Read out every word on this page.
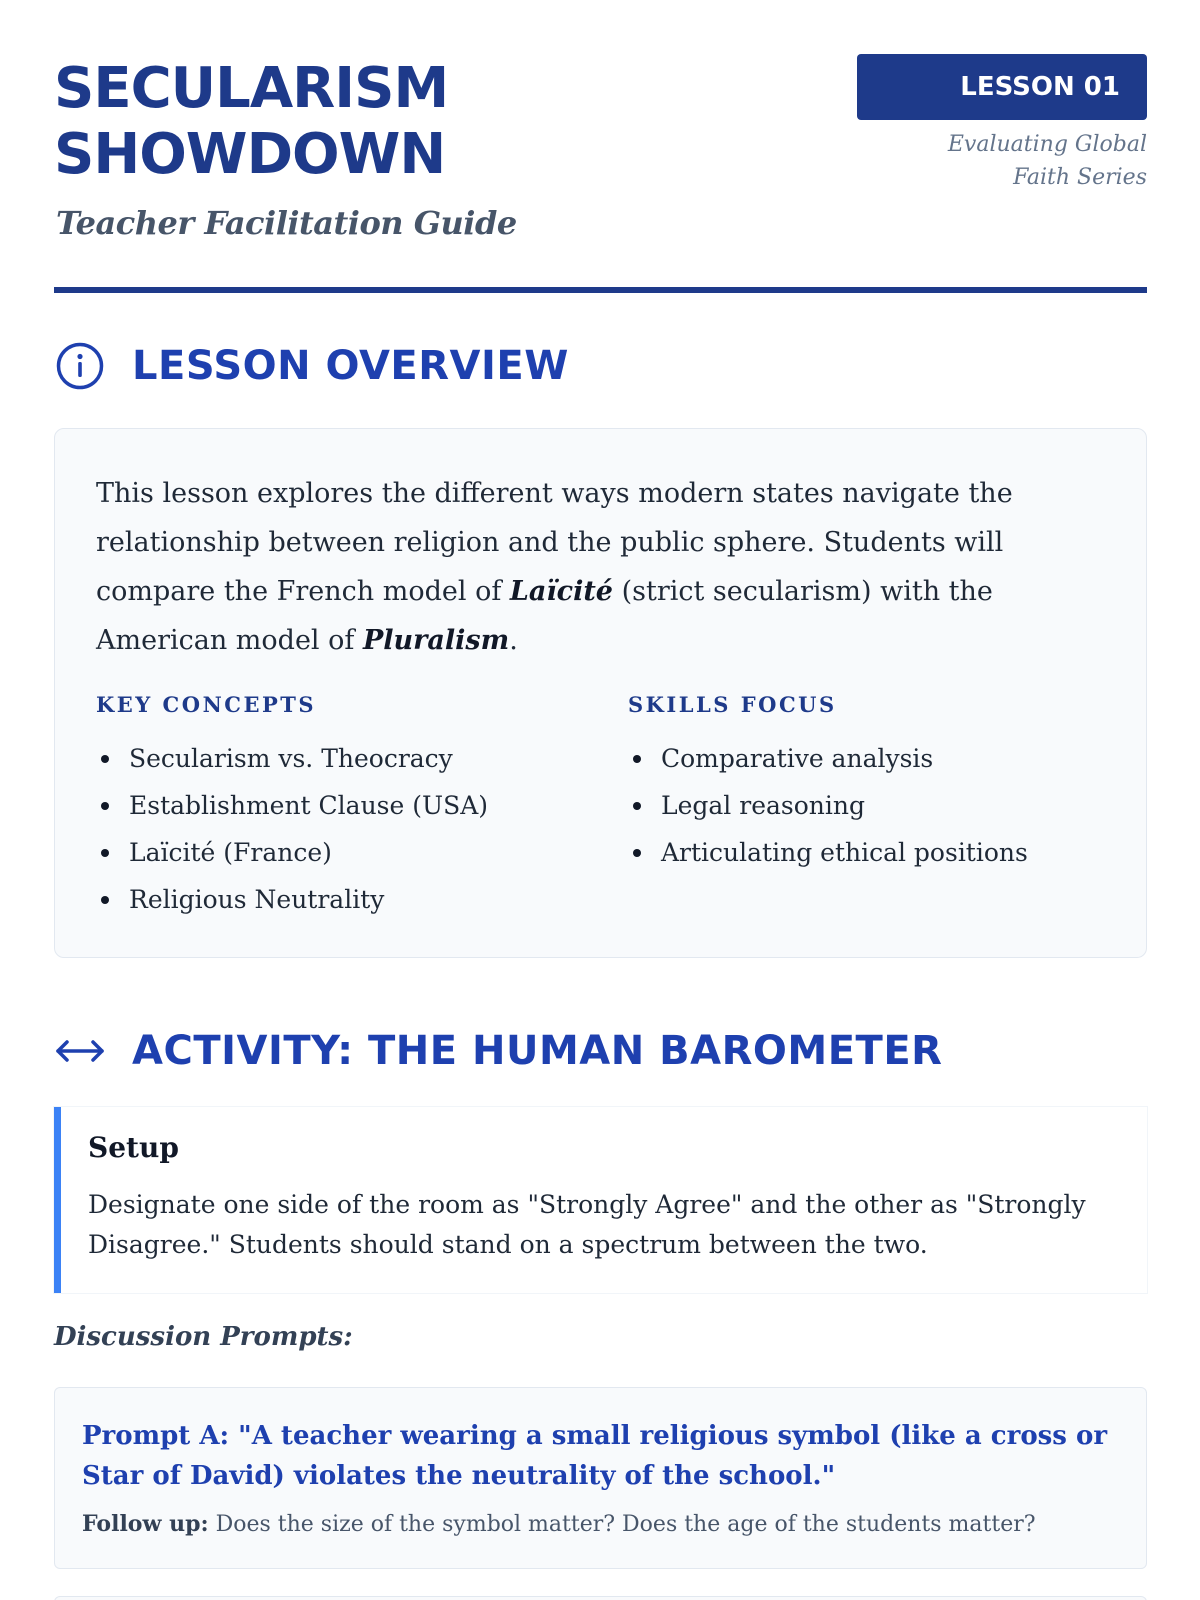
SECULARISM
SHOWDOWN
Teacher Facilitation Guide
LESSON 01
Evaluating Global Faith Series
LESSON OVERVIEW

This lesson explores the different ways modern states navigate the relationship between religion and the public sphere. Students will compare the French model of Laïcité (strict secularism) with the American model of Pluralism.

KEY CONCEPTS
Secularism vs. Theocracy
Establishment Clause (USA)
Laïcité (France)
Religious Neutrality
SKILLS FOCUS
Comparative analysis
Legal reasoning
Articulating ethical positions
ACTIVITY: THE HUMAN BAROMETER
Setup

Designate one side of the room as "Strongly Agree" and the other as "Strongly Disagree." Students should stand on a spectrum between the two.

Discussion Prompts:

Prompt A: "A teacher wearing a small religious symbol (like a cross or Star of David) violates the neutrality of the school."

Follow up: Does the size of the symbol matter? Does the age of the students matter?
